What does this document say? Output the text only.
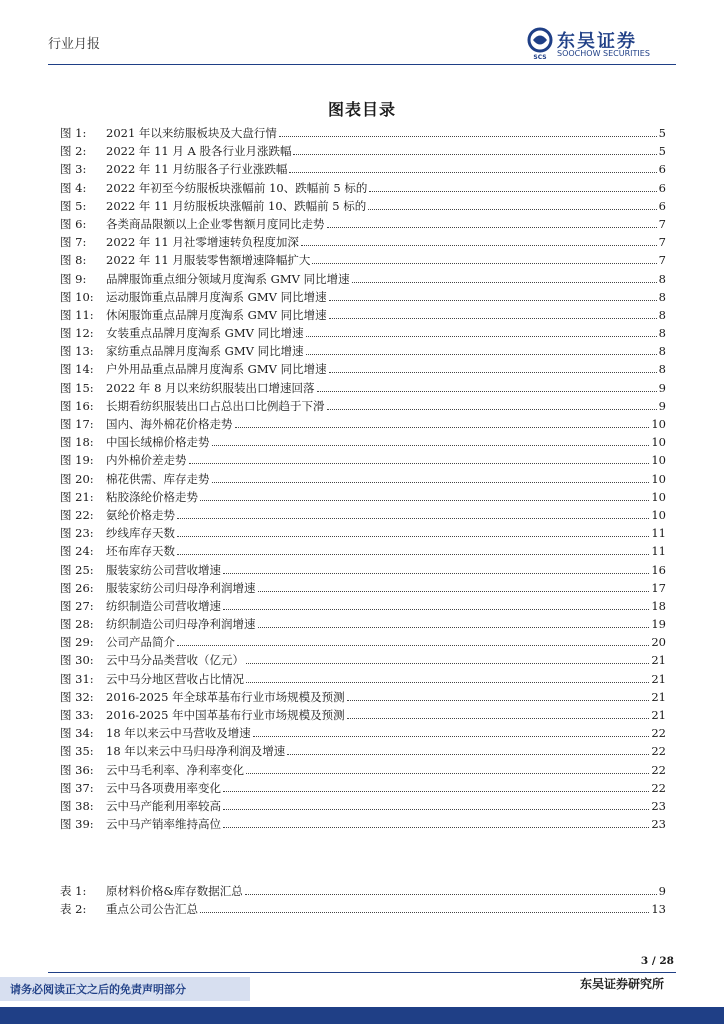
行业月报
SCS
东吴证券
SOOCHOW SECURITIES
图表目录
图 1:	2021 年以来纺服板块及大盘行情	5
图 2:	2022 年 11 月 A 股各行业月涨跌幅	5
图 3:	2022 年 11 月纺服各子行业涨跌幅	6
图 4:	2022 年初至今纺服板块涨幅前 10、跌幅前 5 标的	6
图 5:	2022 年 11 月纺服板块涨幅前 10、跌幅前 5 标的	6
图 6:	各类商品限额以上企业零售额月度同比走势	7
图 7:	2022 年 11 月社零增速转负程度加深	7
图 8:	2022 年 11 月服装零售额增速降幅扩大	7
图 9:	品牌服饰重点细分领域月度淘系 GMV 同比增速	8
图 10:	运动服饰重点品牌月度淘系 GMV 同比增速	8
图 11:	休闲服饰重点品牌月度淘系 GMV 同比增速	8
图 12:	女装重点品牌月度淘系 GMV 同比增速	8
图 13:	家纺重点品牌月度淘系 GMV 同比增速	8
图 14:	户外用品重点品牌月度淘系 GMV 同比增速	8
图 15:	2022 年 8 月以来纺织服装出口增速回落	9
图 16:	长期看纺织服装出口占总出口比例趋于下滑	9
图 17:	国内、海外棉花价格走势	10
图 18:	中国长绒棉价格走势	10
图 19:	内外棉价差走势	10
图 20:	棉花供需、库存走势	10
图 21:	粘胶涤纶价格走势	10
图 22:	氨纶价格走势	10
图 23:	纱线库存天数	11
图 24:	坯布库存天数	11
图 25:	服装家纺公司营收增速	16
图 26:	服装家纺公司归母净利润增速	17
图 27:	纺织制造公司营收增速	18
图 28:	纺织制造公司归母净利润增速	19
图 29:	公司产品简介	20
图 30:	云中马分品类营收（亿元）	21
图 31:	云中马分地区营收占比情况	21
图 32:	2016-2025 年全球革基布行业市场规模及预测	21
图 33:	2016-2025 年中国革基布行业市场规模及预测	21
图 34:	18 年以来云中马营收及增速	22
图 35:	18 年以来云中马归母净利润及增速	22
图 36:	云中马毛利率、净利率变化	22
图 37:	云中马各项费用率变化	22
图 38:	云中马产能利用率较高	23
图 39:	云中马产销率维持高位	23
表 1:	原材料价格&库存数据汇总	9
表 2:	重点公司公告汇总	13
3 / 28
请务必阅读正文之后的免责声明部分	东吴证券研究所
